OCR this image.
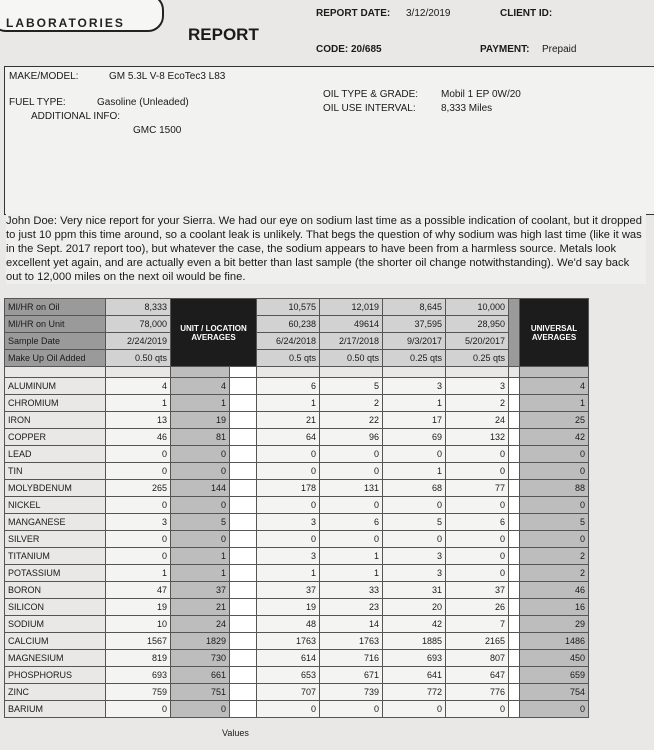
LABORATORIES
REPORT
REPORT DATE: 3/12/2019	CLIENT ID:
CODE: 20/685	PAYMENT: Prepaid
MAKE/MODEL:	GM 5.3L V-8 EcoTec3 L83
FUEL TYPE:	Gasoline (Unleaded)
ADDITIONAL INFO:
GMC 1500
OIL TYPE & GRADE: Mobil 1 EP 0W/20
OIL USE INTERVAL:	8,333 Miles
John Doe: Very nice report for your Sierra. We had our eye on sodium last time as a possible indication of coolant, but it dropped to just 10 ppm this time around, so a coolant leak is unlikely. That begs the question of why sodium was high last time (like it was in the Sept. 2017 report too), but whatever the case, the sodium appears to have been from a harmless source. Metals look excellent yet again, and are actually even a bit better than last sample (the shorter oil change notwithstanding). We'd say back out to 12,000 miles on the next oil would be fine.
MI/HR on Oil	8,333	UNIT / LOCATION AVERAGES		10,575	12,019	8,645	10,000		UNIVERSAL AVERAGES
MI/HR on Unit	78,000			60,238	49614	37,595	28,950		
Sample Date	2/24/2019			6/24/2018	2/17/2018	9/3/2017	5/20/2017		
Make Up Oil Added	0.50 qts			0.5 qts	0.50 qts	0.25 qts	0.25 qts		

ALUMINUM	4	4		6	5	3	3		4
CHROMIUM	1	1		1	2	1	2		1
IRON	13	19		21	22	17	24		25
COPPER	46	81		64	96	69	132		42
LEAD	0	0		0	0	0	0		0
TIN	0	0		0	0	1	0		0
MOLYBDENUM	265	144		178	131	68	77		88
NICKEL	0	0		0	0	0	0		0
MANGANESE	3	5		3	6	5	6		5
SILVER	0	0		0	0	0	0		0
TITANIUM	0	1		3	1	3	0		2
POTASSIUM	1	1		1	1	3	0		2
BORON	47	37		37	33	31	37		46
SILICON	19	21		19	23	20	26		16
SODIUM	10	24		48	14	42	7		29
CALCIUM	1567	1829		1763	1763	1885	2165		1486
MAGNESIUM	819	730		614	716	693	807		450
PHOSPHORUS	693	661		653	671	641	647		659
ZINC	759	751		707	739	772	776		754
BARIUM	0	0		0	0	0	0		0
Values
